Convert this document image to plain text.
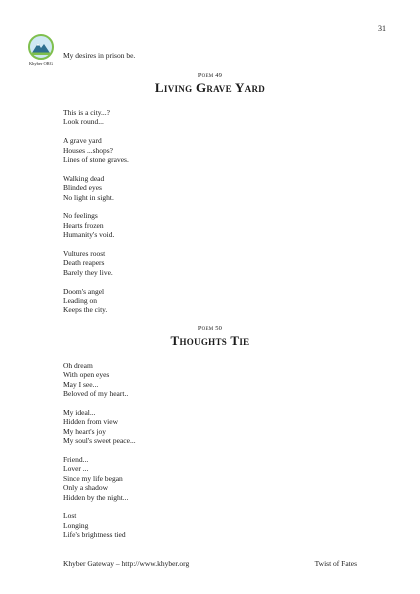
31
Khyber ORG
My desires in prison be.
Poem 49
Living Grave Yard
This is a city...?
Look round...
A grave yard
Houses ...shops?
Lines of stone graves.
Walking dead
Blinded eyes
No light in sight.
No feelings
Hearts frozen
Humanity's void.
Vultures roost
Death reapers
Barely they live.
Doom's angel
Leading on
Keeps the city.
Poem 50
Thoughts Tie
Oh dream
With open eyes
May I see...
Beloved of my heart..
My ideal...
Hidden from view
My heart's joy
My soul's sweet peace...
Friend...
Lover ...
Since my life began
Only a shadow
Hidden by the night...
Lost
Longing
Life's brightness tied
Khyber Gateway – http://www.khyber.org	Twist of Fates
